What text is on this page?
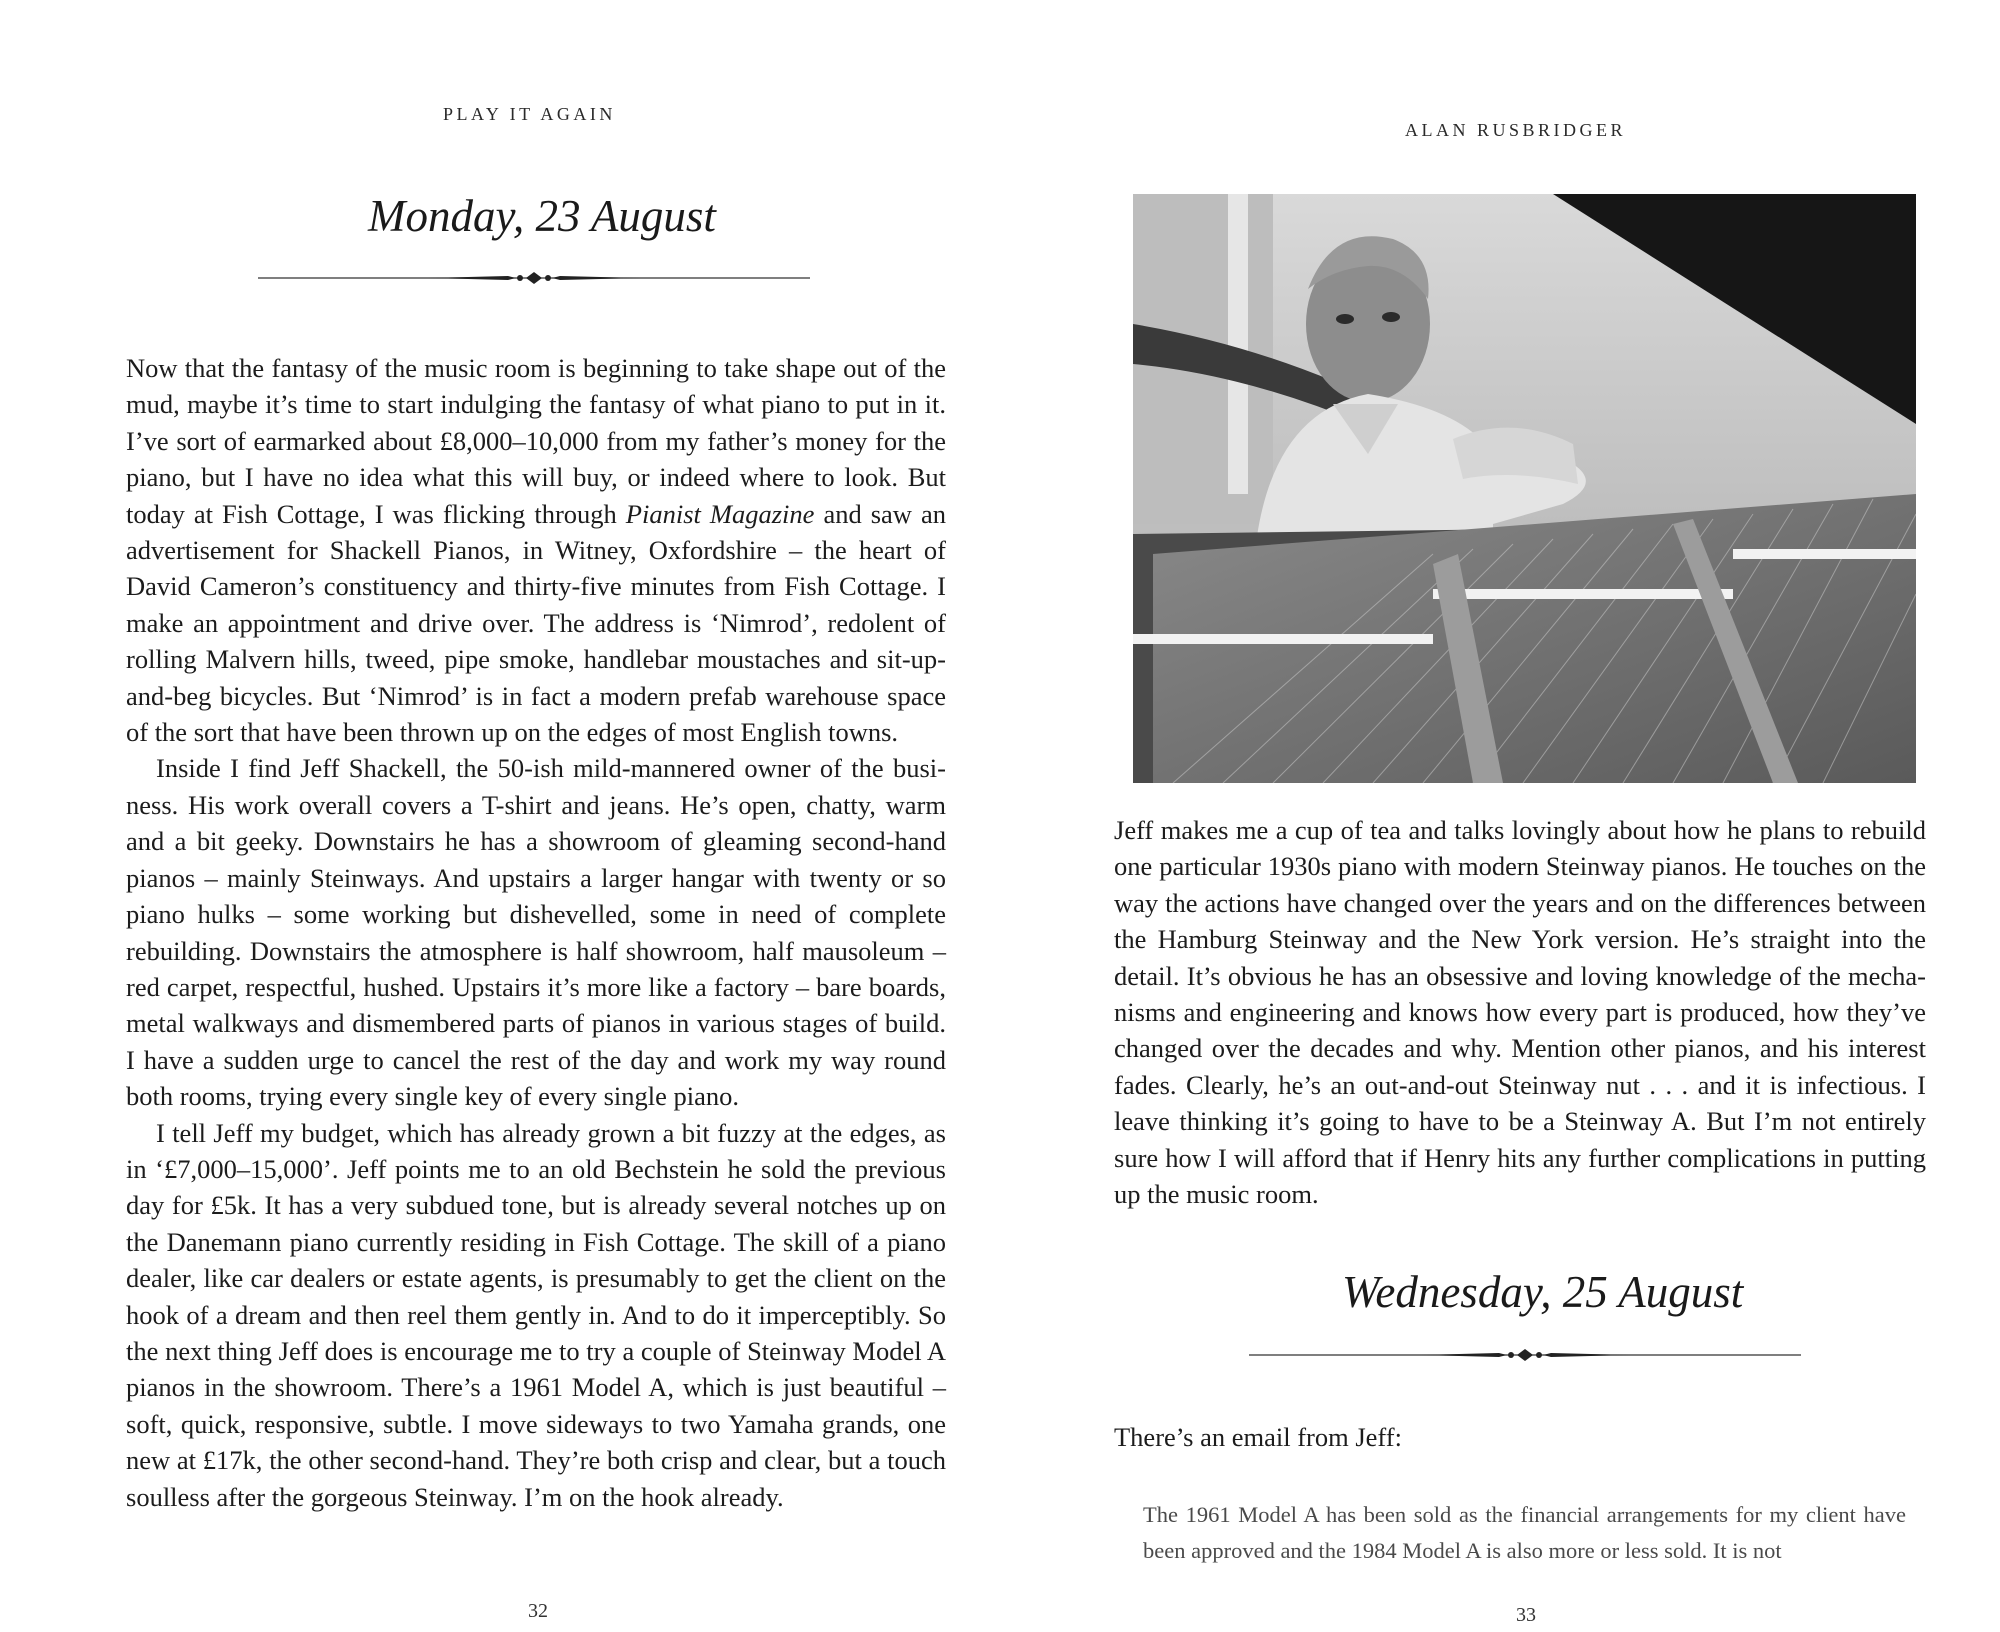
PLAY IT AGAIN
Monday, 23 August

Now that the fantasy of the music room is beginning to take shape out of the mud, maybe it’s time to start indulging the fantasy of what piano to put in it. I’ve sort of earmarked about £8,000–10,000 from my father’s money for the piano, but I have no idea what this will buy, or indeed where to look. But today at Fish Cottage, I was flicking through Pianist Magazine and saw an advertisement for Shackell Pianos, in Witney, Oxfordshire – the heart of David Cameron’s constituency and thirty-five minutes from Fish Cottage. I make an appointment and drive over. The address is ‘Nimrod’, redolent of rolling Malvern hills, tweed, pipe smoke, handlebar moustaches and sit-up-and-beg bicycles. But ‘Nimrod’ is in fact a modern prefab warehouse space of the sort that have been thrown up on the edges of most English towns.

Inside I find Jeff Shackell, the 50-ish mild-mannered owner of the business. His work overall covers a T-shirt and jeans. He’s open, chatty, warm and a bit geeky. Downstairs he has a showroom of gleaming second-hand pianos – mainly Steinways. And upstairs a larger hangar with twenty or so piano hulks – some working but dishevelled, some in need of complete rebuilding. Downstairs the atmosphere is half showroom, half mausoleum – red carpet, respectful, hushed. Upstairs it’s more like a factory – bare boards, metal walkways and dismembered parts of pianos in various stages of build. I have a sudden urge to cancel the rest of the day and work my way round both rooms, trying every single key of every single piano.

I tell Jeff my budget, which has already grown a bit fuzzy at the edges, as in ‘£7,000–15,000’. Jeff points me to an old Bechstein he sold the previous day for £5k. It has a very subdued tone, but is already several notches up on the Danemann piano currently residing in Fish Cottage. The skill of a piano dealer, like car dealers or estate agents, is presumably to get the client on the hook of a dream and then reel them gently in. And to do it imperceptibly. So the next thing Jeff does is encourage me to try a couple of Steinway Model A pianos in the showroom. There’s a 1961 Model A, which is just beautiful – soft, quick, responsive, subtle. I move sideways to two Yamaha grands, one new at £17k, the other second-hand. They’re both crisp and clear, but a touch soulless after the gorgeous Steinway. I’m on the hook already.

32
ALAN RUSBRIDGER
Jeff makes me a cup of tea and talks lovingly about how he plans to rebuild one particular 1930s piano with modern Steinway pianos. He touches on the way the actions have changed over the years and on the differences between the Hamburg Steinway and the New York version. He’s straight into the detail. It’s obvious he has an obsessive and loving knowledge of the mechanisms and engineering and knows how every part is produced, how they’ve changed over the decades and why. Mention other pianos, and his interest fades. Clearly, he’s an out-and-out Steinway nut . . . and it is infectious. I leave thinking it’s going to have to be a Steinway A. But I’m not entirely sure how I will afford that if Henry hits any further complications in putting up the music room.
Wednesday, 25 August
There’s an email from Jeff:
The 1961 Model A has been sold as the financial arrangements for my client have been approved and the 1984 Model A is also more or less sold. It is not
33
